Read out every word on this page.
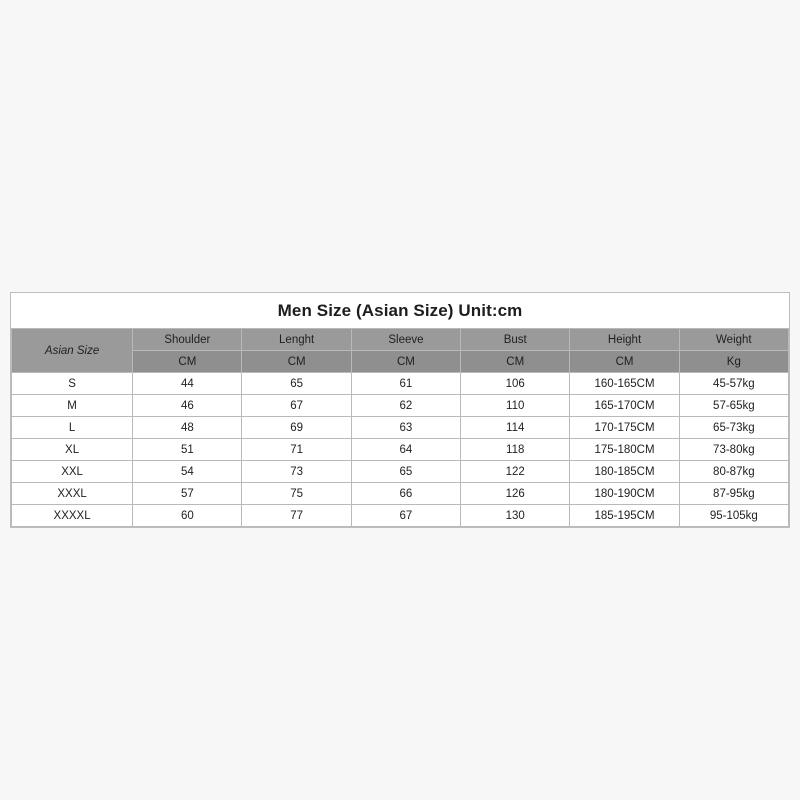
Men Size (Asian Size) Unit:cm
Asian Size	Shoulder	Lenght	Sleeve	Bust	Height	Weight
	CM	CM	CM	CM	CM	Kg
S	44	65	61	106	160-165CM	45-57kg
M	46	67	62	110	165-170CM	57-65kg
L	48	69	63	114	170-175CM	65-73kg
XL	51	71	64	118	175-180CM	73-80kg
XXL	54	73	65	122	180-185CM	80-87kg
XXXL	57	75	66	126	180-190CM	87-95kg
XXXXL	60	77	67	130	185-195CM	95-105kg
